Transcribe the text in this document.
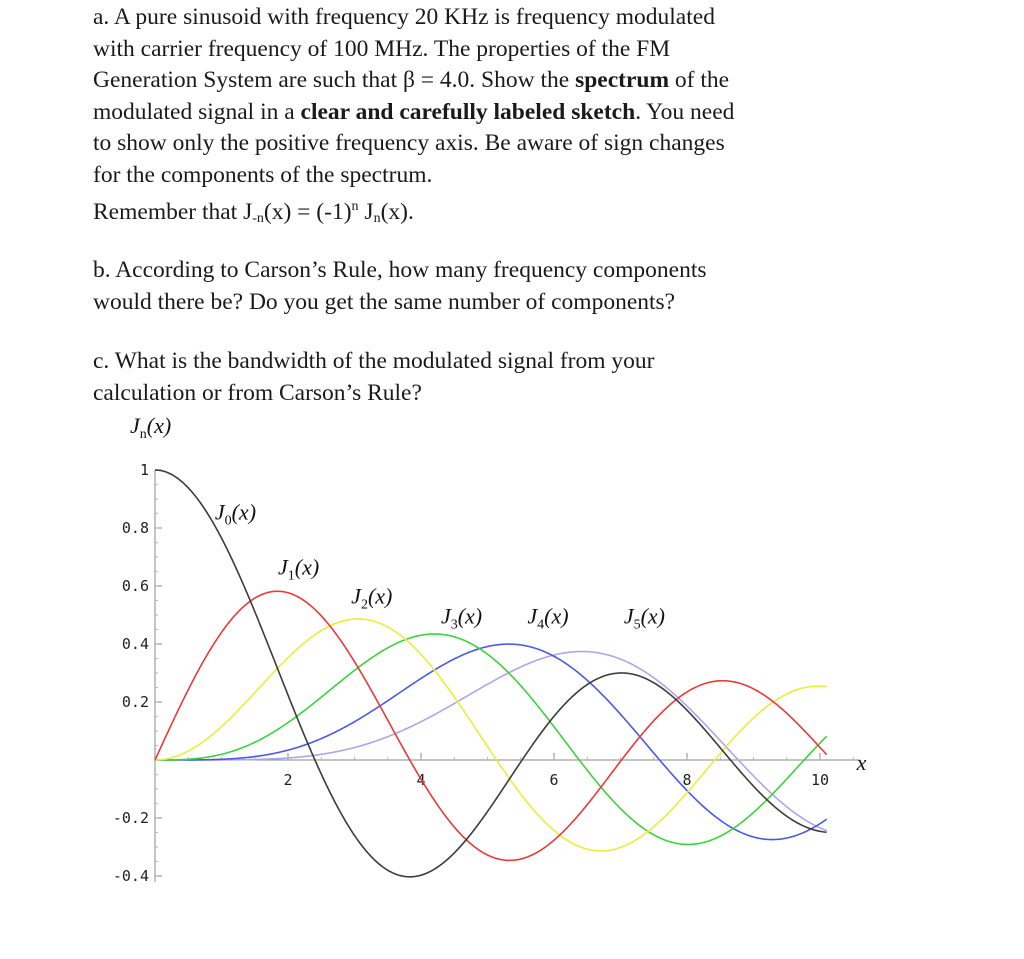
a. A pure sinusoid with frequency 20 KHz is frequency modulated

with carrier frequency of 100 MHz. The properties of the FM

Generation System are such that β = 4.0. Show the spectrum of the

modulated signal in a clear and carefully labeled sketch. You need

to show only the positive frequency axis. Be aware of sign changes

for the components of the spectrum.

Remember that $J_{-n}(x) = (-1)^n$ $J_n(x)$.

b. According to Carson’s Rule, how many frequency components

would there be? Do you get the same number of components?

c. What is the bandwidth of the modulated signal from your

calculation or from Carson’s Rule?

1
0.8
0.6
0.4
0.2
-0.2
-0.4
2	4	6	8	10
$J_n(x)$
x
$J_0(x)$
$J_1(x)$
$J_2(x)$
$J_3(x)$ $J_4(x)$	$J_5(x)$
